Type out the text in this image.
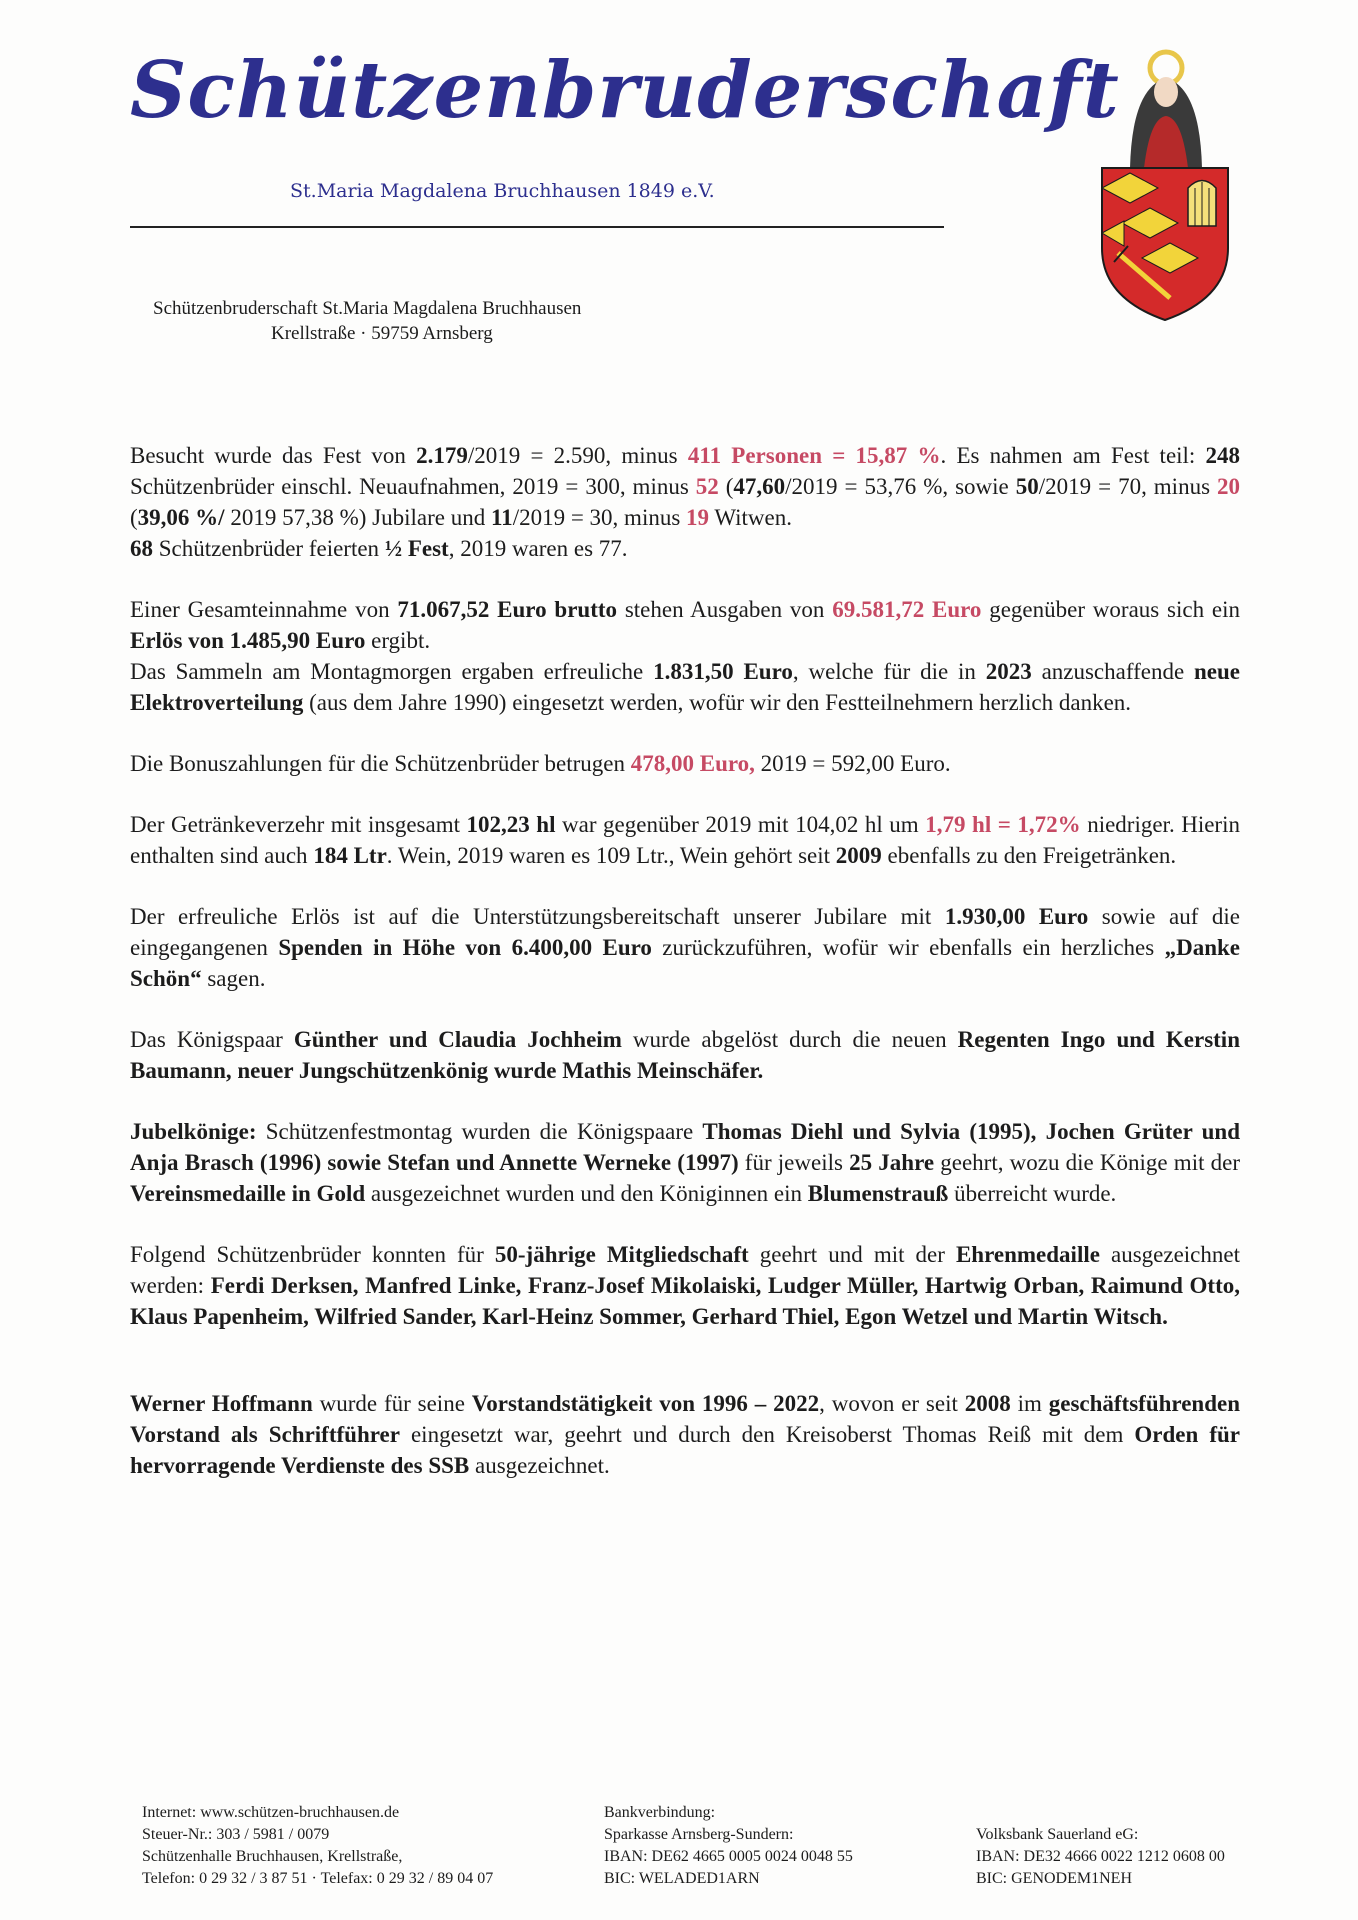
Schützenbruderschaft
St.Maria Magdalena Bruchhausen 1849 e.V.
Schützenbruderschaft St.Maria Magdalena Bruchhausen
Krellstraße · 59759 Arnsberg

Besucht wurde das Fest von 2.179/2019 = 2.590, minus 411 Personen = 15,87 %. Es nahmen am Fest teil: 248 Schützenbrüder einschl. Neuaufnahmen, 2019 = 300, minus 52 (47,60/2019 = 53,76 %, sowie 50/2019 = 70, minus 20 (39,06 %/ 2019 57,38 %) Jubilare und 11/2019 = 30, minus 19 Witwen.

68 Schützenbrüder feierten ½ Fest, 2019 waren es 77.

Einer Gesamteinnahme von 71.067,52 Euro brutto stehen Ausgaben von 69.581,72 Euro gegenüber woraus sich ein Erlös von 1.485,90 Euro ergibt.

Das Sammeln am Montagmorgen ergaben erfreuliche 1.831,50 Euro, welche für die in 2023 anzuschaffende neue Elektroverteilung (aus dem Jahre 1990) eingesetzt werden, wofür wir den Festteilnehmern herzlich danken.

Die Bonuszahlungen für die Schützenbrüder betrugen 478,00 Euro, 2019 = 592,00 Euro.

Der Getränkeverzehr mit insgesamt 102,23 hl war gegenüber 2019 mit 104,02 hl um 1,79 hl = 1,72% niedriger. Hierin enthalten sind auch 184 Ltr. Wein, 2019 waren es 109 Ltr., Wein gehört seit 2009 ebenfalls zu den Freigetränken.

Der erfreuliche Erlös ist auf die Unterstützungsbereitschaft unserer Jubilare mit 1.930,00 Euro sowie auf die eingegangenen Spenden in Höhe von 6.400,00 Euro zurückzuführen, wofür wir ebenfalls ein herzliches „Danke Schön“ sagen.

Das Königspaar Günther und Claudia Jochheim wurde abgelöst durch die neuen Regenten Ingo und Kerstin Baumann, neuer Jungschützenkönig wurde Mathis Meinschäfer.

Jubelkönige: Schützenfestmontag wurden die Königspaare Thomas Diehl und Sylvia (1995), Jochen Grüter und Anja Brasch (1996) sowie Stefan und Annette Werneke (1997) für jeweils 25 Jahre geehrt, wozu die Könige mit der Vereinsmedaille in Gold ausgezeichnet wurden und den Königinnen ein Blumenstrauß überreicht wurde.

Folgend Schützenbrüder konnten für 50-jährige Mitgliedschaft geehrt und mit der Ehrenmedaille ausgezeichnet werden: Ferdi Derksen, Manfred Linke, Franz-Josef Mikolaiski, Ludger Müller, Hartwig Orban, Raimund Otto, Klaus Papenheim, Wilfried Sander, Karl-Heinz Sommer, Gerhard Thiel, Egon Wetzel und Martin Witsch.

Werner Hoffmann wurde für seine Vorstandstätigkeit von 1996 – 2022, wovon er seit 2008 im geschäftsführenden Vorstand als Schriftführer eingesetzt war, geehrt und durch den Kreisoberst Thomas Reiß mit dem Orden für hervorragende Verdienste des SSB ausgezeichnet.

Internet: www.schützen-bruchhausen.de
Steuer-Nr.: 303 / 5981 / 0079
Schützenhalle Bruchhausen, Krellstraße,
Telefon: 0 29 32 / 3 87 51 · Telefax: 0 29 32 / 89 04 07
Bankverbindung:
Sparkasse Arnsberg-Sundern:
IBAN: DE62 4665 0005 0024 0048 55
BIC: WELADED1ARN
Volksbank Sauerland eG:
IBAN: DE32 4666 0022 1212 0608 00
BIC: GENODEM1NEH
